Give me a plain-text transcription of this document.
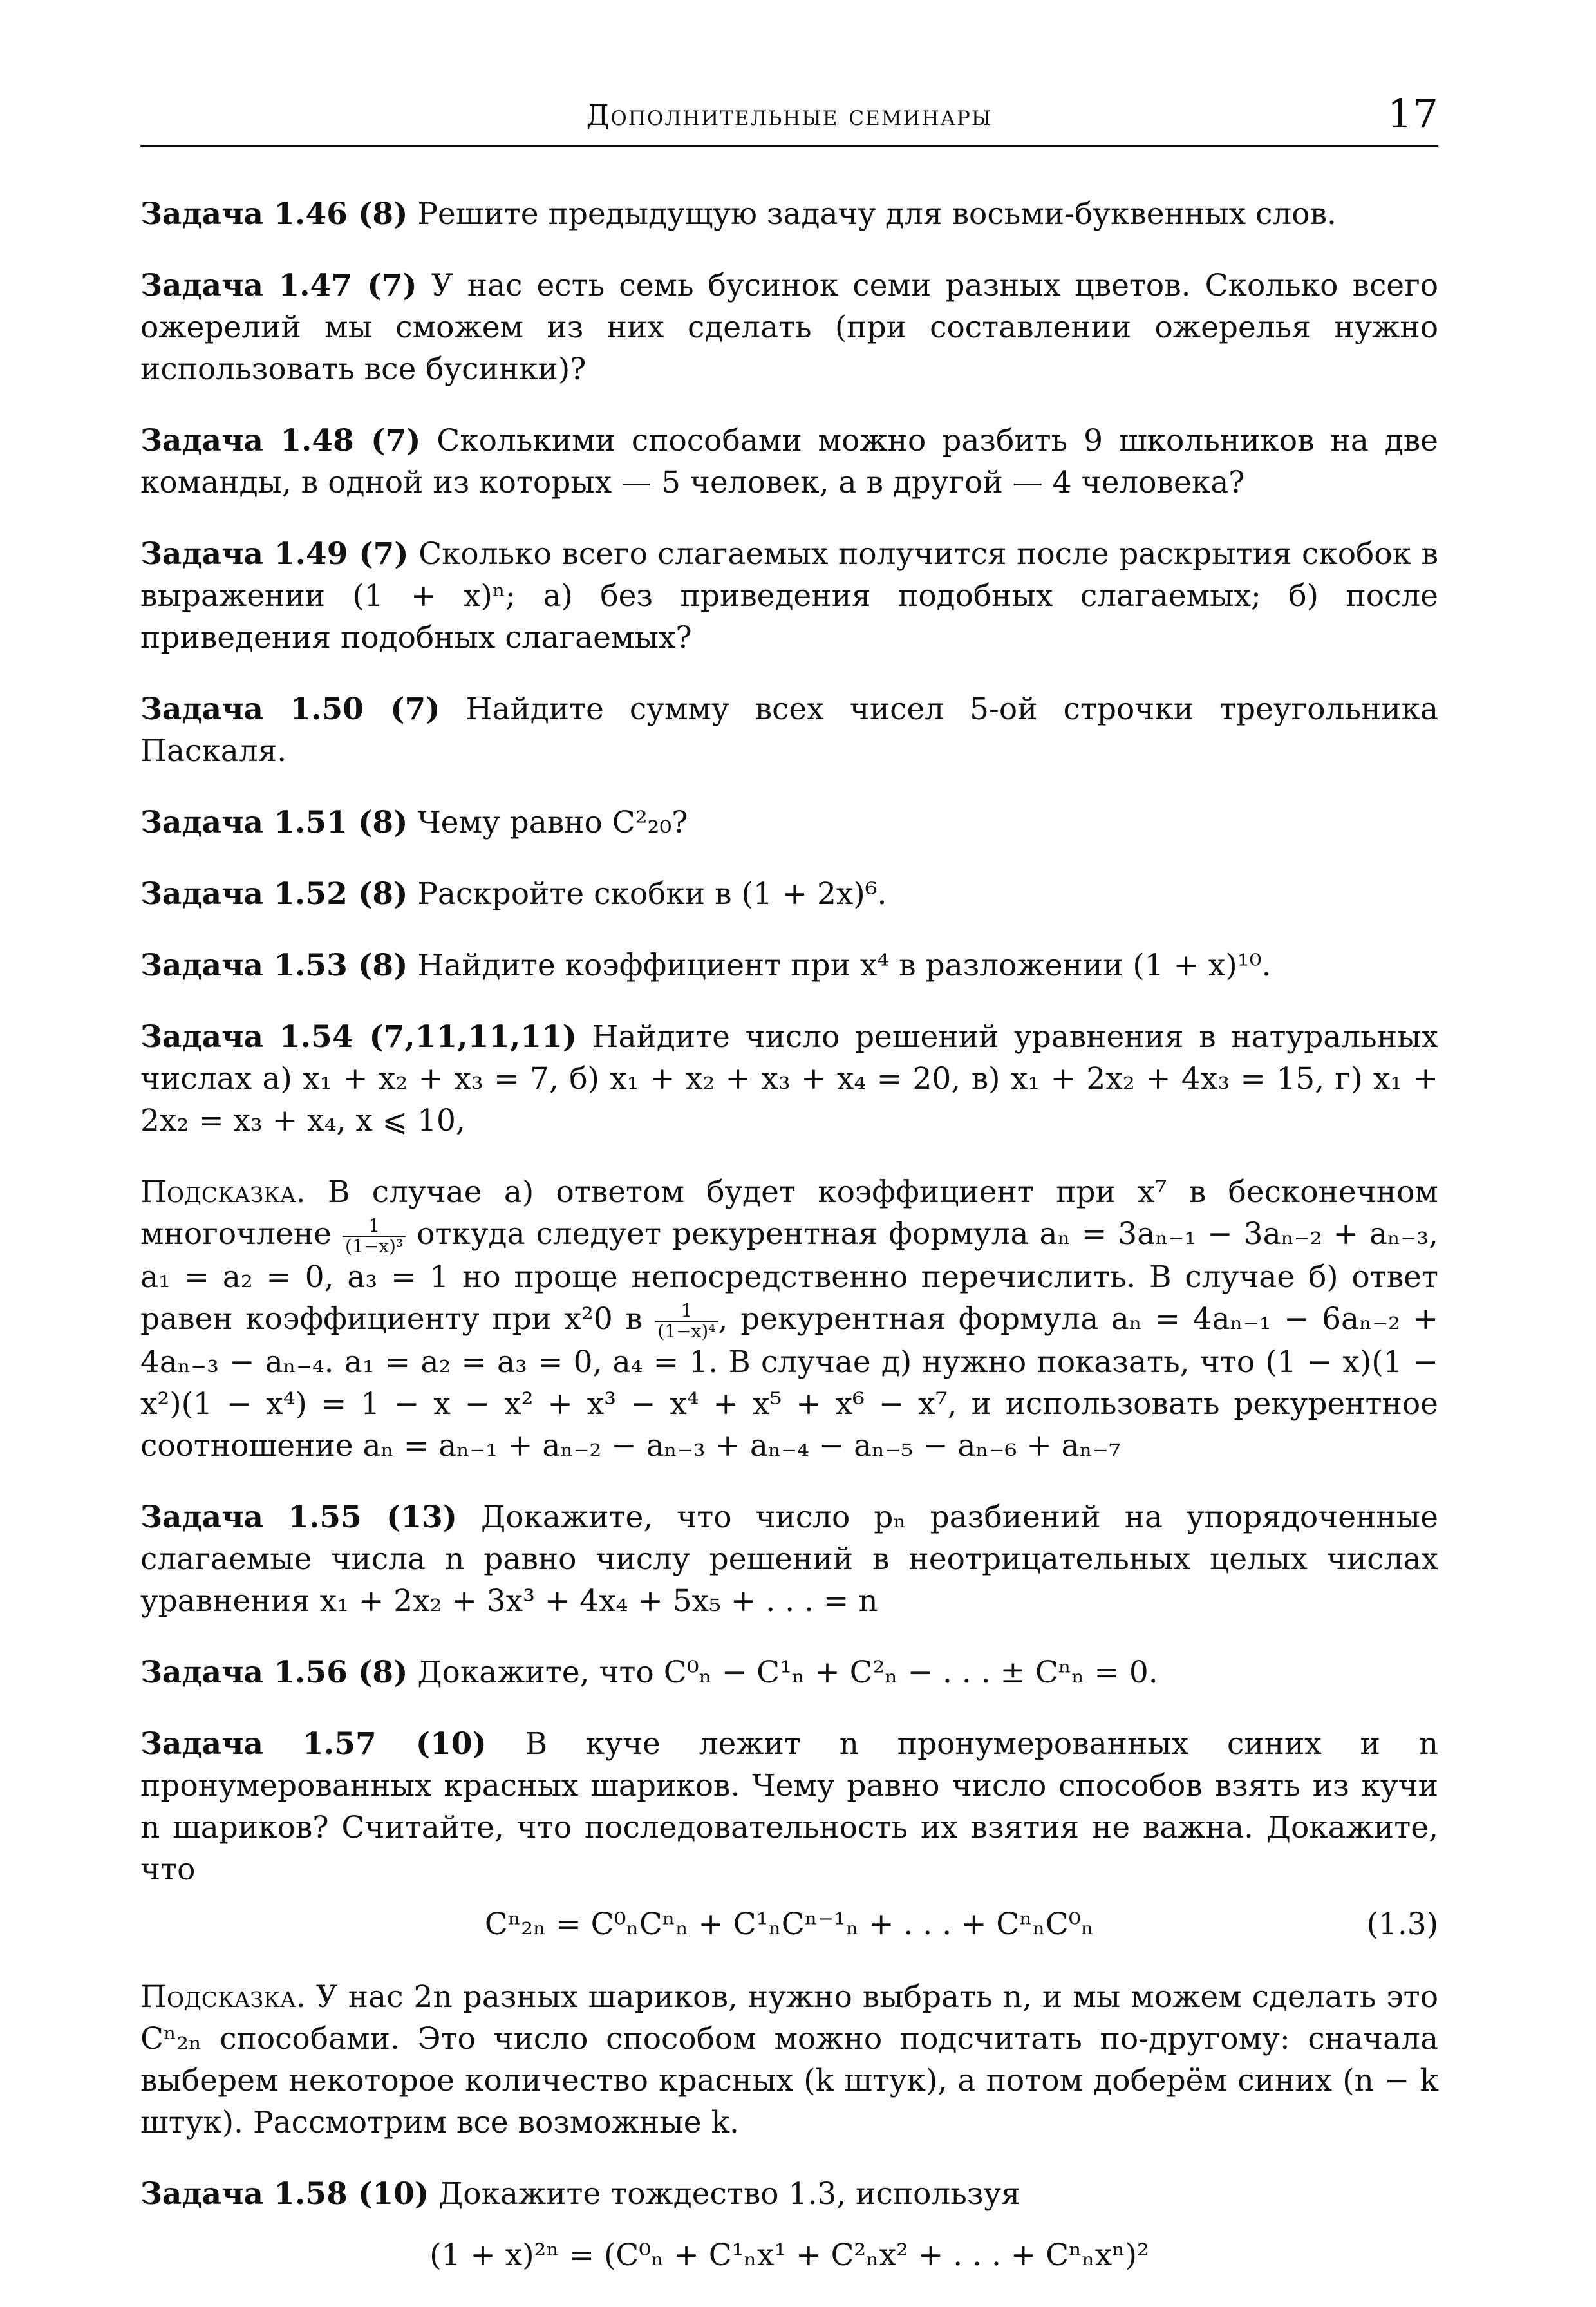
Дополнительные семинары	17

Задача 1.46 (8) Решите предыдущую задачу для восьми-буквенных слов.

Задача 1.47 (7) У нас есть семь бусинок семи разных цветов. Сколько всего ожерелий мы сможем из них сделать (при составлении ожерелья нужно использовать все бусинки)?

Задача 1.48 (7) Сколькими способами можно разбить 9 школьников на две команды, в одной из которых — 5 человек, а в другой — 4 человека?

Задача 1.49 (7) Сколько всего слагаемых получится после раскрытия скобок в выражении (1 + x)ⁿ; а) без приведения подобных слагаемых; б) после приведения подобных слагаемых?

Задача 1.50 (7) Найдите сумму всех чисел 5-ой строчки треугольника Паскаля.

Задача 1.51 (8) Чему равно C²₂₀?

Задача 1.52 (8) Раскройте скобки в (1 + 2x)⁶.

Задача 1.53 (8) Найдите коэффициент при x⁴ в разложении (1 + x)¹⁰.

Задача 1.54 (7,11,11,11) Найдите число решений уравнения в натуральных числах а) x₁ + x₂ + x₃ = 7, б) x₁ + x₂ + x₃ + x₄ = 20, в) x₁ + 2x₂ + 4x₃ = 15, г) x₁ + 2x₂ = x₃ + x₄, x ⩽ 10,

Подсказка. В случае а) ответом будет коэффициент при x⁷ в бесконечном многочлене $\frac{1}{\text{(1−x)³}}$ откуда следует рекурентная формула aₙ = 3aₙ₋₁ − 3aₙ₋₂ + aₙ₋₃, a₁ = a₂ = 0, a₃ = 1 но проще непосредственно перечислить. В случае б) ответ равен коэффициенту при x²0 в $\frac{1}{\text{(1−x)⁴}}$ , рекурентная формула aₙ = 4aₙ₋₁ − 6aₙ₋₂ + 4aₙ₋₃ − aₙ₋₄. a₁ = a₂ = a₃ = 0, a₄ = 1. В случае д) нужно показать, что (1 − x)(1 − x²)(1 − x⁴) = 1 − x − x² + x³ − x⁴ + x⁵ + x⁶ − x⁷, и использовать рекурентное соотношение aₙ = aₙ₋₁ + aₙ₋₂ − aₙ₋₃ + aₙ₋₄ − aₙ₋₅ − aₙ₋₆ + aₙ₋₇

Задача 1.55 (13) Докажите, что число pₙ разбиений на упорядоченные слагаемые числа n равно числу решений в неотрицательных целых числах уравнения x₁ + 2x₂ + 3x³ + 4x₄ + 5x₅ + . . . = n

Задача 1.56 (8) Докажите, что C⁰ₙ − C¹ₙ + C²ₙ − . . . ± Cⁿₙ = 0.

Задача 1.57 (10) В куче лежит n пронумерованных синих и n пронумерованных красных шариков. Чему равно число способов взять из кучи n шариков? Считайте, что последовательность их взятия не важна. Докажите, что

Cⁿ₂ₙ = C⁰ₙCⁿₙ + C¹ₙCⁿ⁻¹ₙ + . . . + CⁿₙC⁰ₙ	(1.3)

Подсказка. У нас 2n разных шариков, нужно выбрать n, и мы можем сделать это Cⁿ₂ₙ способами. Это число способом можно подсчитать по-другому: сначала выберем некоторое количество красных (k штук), а потом доберём синих (n − k штук). Рассмотрим все возможные k.

Задача 1.58 (10) Докажите тождество 1.3, используя

(1 + x)²ⁿ = (C⁰ₙ + C¹ₙx¹ + C²ₙx² + . . . + Cⁿₙxⁿ)²
